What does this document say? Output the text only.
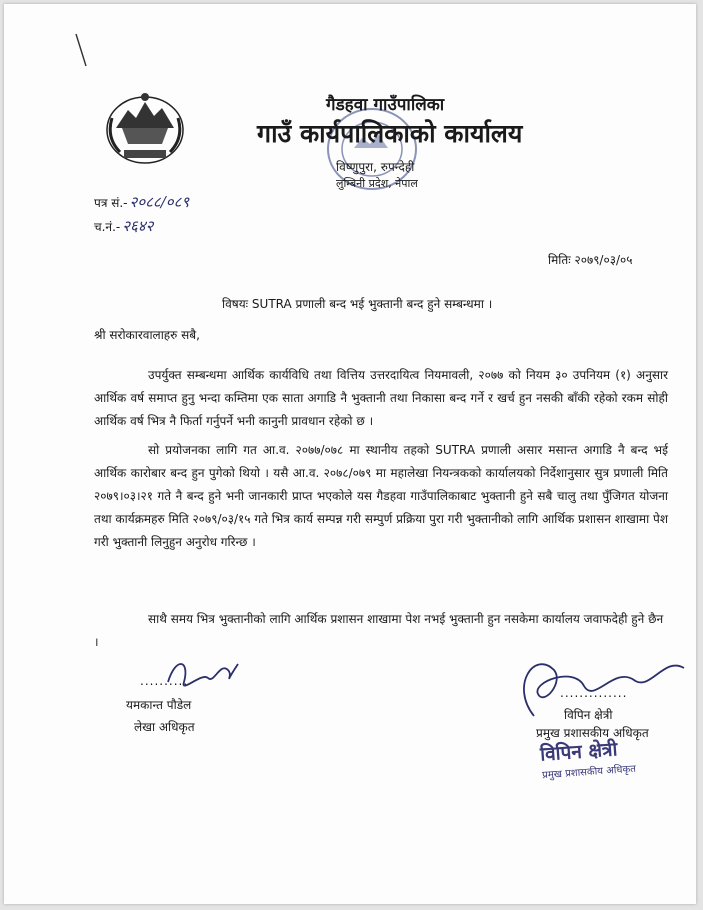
गैडहवा गाउँपालिका
गाउँ कार्यपालिकाको कार्यालय
विष्णुपुरा, रुपन्देही
लुम्बिनी प्रदेश, नेपाल
पत्र सं.- २०८८/०८९
च.नं.- २६४२
मितिः २०७९/०३/०५
विषयः SUTRA प्रणाली बन्द भई भुक्तानी बन्द हुने सम्बन्धमा ।
श्री सरोकारवालाहरु सबै,
उपर्युक्त सम्बन्धमा आर्थिक कार्यविधि तथा वित्तिय उत्तरदायित्व नियमावली, २०७७ को नियम ३० उपनियम (१) अनुसार आर्थिक वर्ष समाप्त हुनु भन्दा कम्तिमा एक साता अगाडि नै भुक्तानी तथा निकासा बन्द गर्ने र खर्च हुन नसकी बाँकी रहेको रकम सोही आर्थिक वर्ष भित्र नै फिर्ता गर्नुपर्ने भनी कानुनी प्रावधान रहेको छ ।
सो प्रयोजनका लागि गत आ.व. २०७७/०७८ मा स्थानीय तहको SUTRA प्रणाली असार मसान्त अगाडि नै बन्द भई आर्थिक कारोबार बन्द हुन पुगेको थियो । यसै आ.व. २०७८/०७९ मा महालेखा नियन्त्रकको कार्यालयको निर्देशानुसार सुत्र प्रणाली मिति २०७९।०३।२१ गते नै बन्द हुने भनी जानकारी प्राप्त भएकोले यस गैडहवा गाउँपालिकाबाट भुक्तानी हुने सबै चालु तथा पुँजिगत योजना तथा कार्यक्रमहरु मिति २०७९/०३/१५ गते भित्र कार्य सम्पन्न गरी सम्पुर्ण प्रक्रिया पुरा गरी भुक्तानीको लागि आर्थिक प्रशासन शाखामा पेश गरी भुक्तानी लिनुहुन अनुरोध गरिन्छ ।
साथै समय भित्र भुक्तानीको लागि आर्थिक प्रशासन शाखामा पेश नभई भुक्तानी हुन नसकेमा कार्यालय जवाफदेही हुने छैन ।
..........
यमकान्त पौडेल
लेखा अधिकृत
..............
विपिन क्षेत्री
प्रमुख प्रशासकीय अधिकृत
विपिन क्षेत्री
प्रमुख प्रशासकीय अधिकृत
